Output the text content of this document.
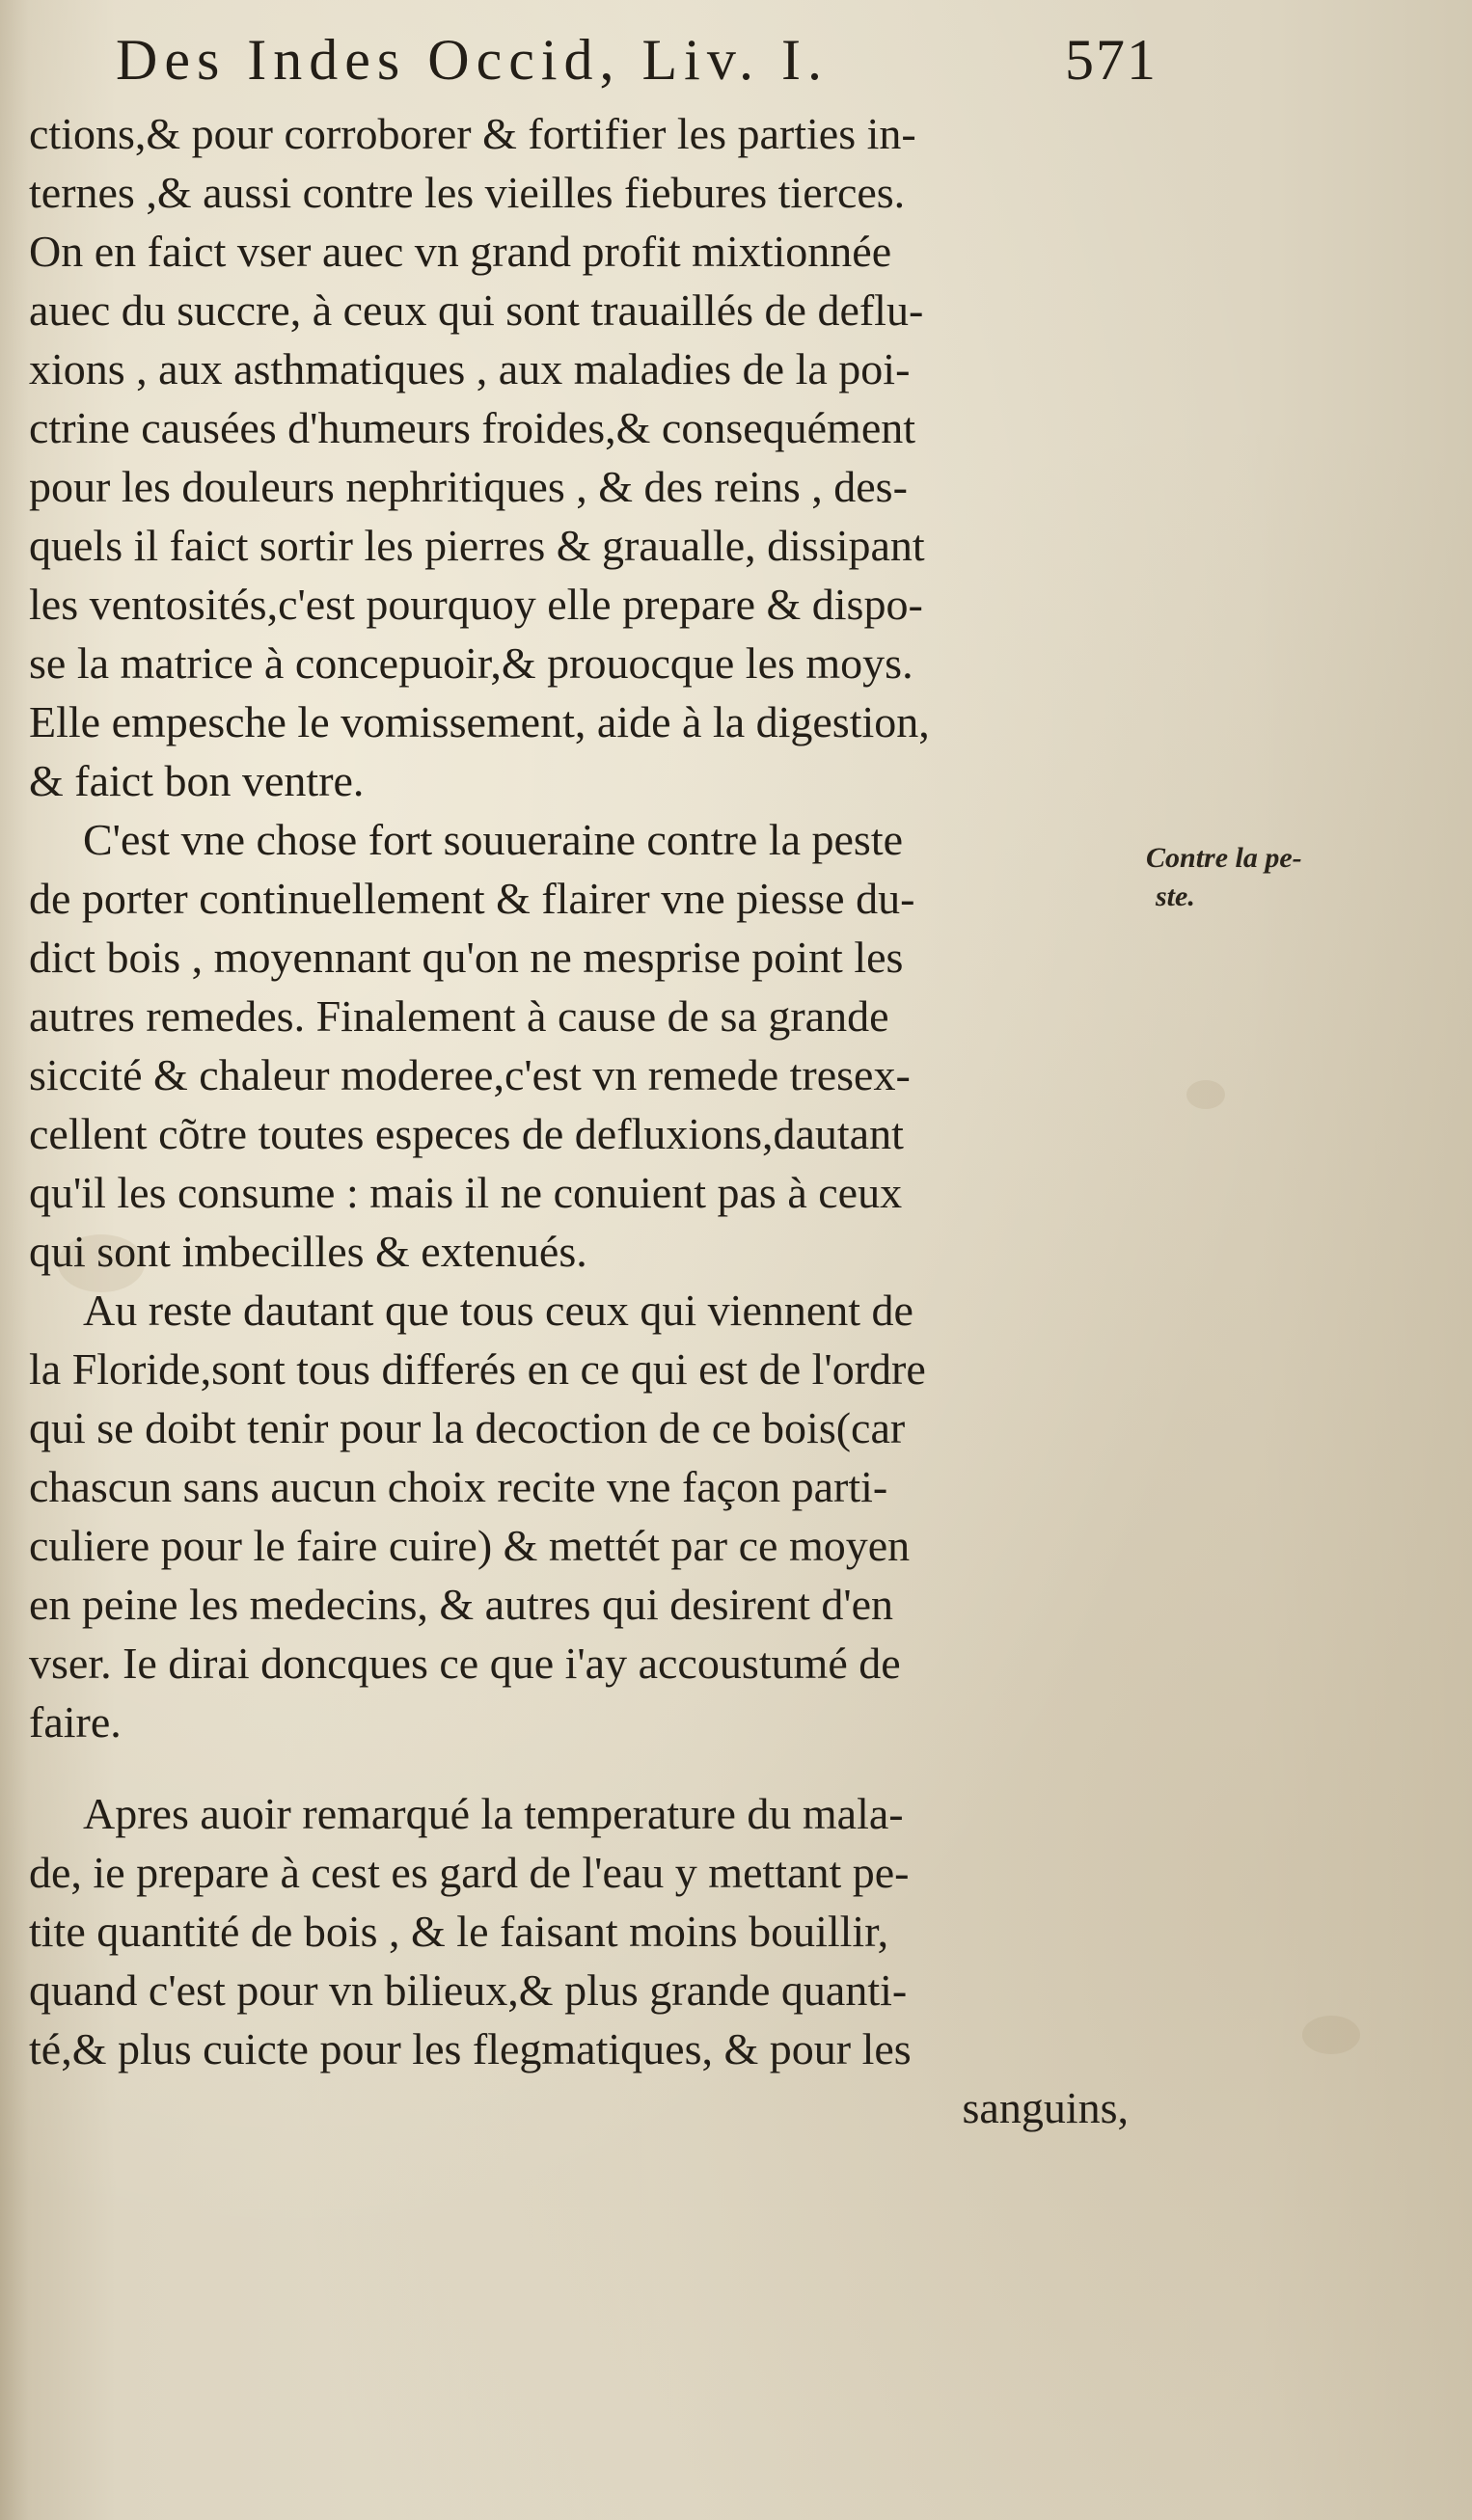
Des Indes Occid, Liv. I.	571
ctions,& pour corroborer & fortifier les parties in-
ternes ,& aussi contre les vieilles fiebures tierces.
On en faict vser auec vn grand profit mixtionnée
auec du succre, à ceux qui sont trauaillés de deflu-
xions , aux asthmatiques , aux maladies de la poi-
ctrine causées d'humeurs froides,& consequément
pour les douleurs nephritiques , & des reins , des-
quels il faict sortir les pierres & graualle, dissipant
les ventosités,c'est pourquoy elle prepare & dispo-
se la matrice à concepuoir,& prouocque les moys.
Elle empesche le vomissement, aide à la digestion,
& faict bon ventre.
C'est vne chose fort souueraine contre la peste
de porter continuellement & flairer vne piesse du-
dict bois , moyennant qu'on ne mesprise point les
autres remedes. Finalement à cause de sa grande
siccité & chaleur moderee,c'est vn remede tresex-
cellent cõtre toutes especes de defluxions,dautant
qu'il les consume : mais il ne conuient pas à ceux
qui sont imbecilles & extenués.
Au reste dautant que tous ceux qui viennent de
la Floride,sont tous differés en ce qui est de l'ordre
qui se doibt tenir pour la decoction de ce bois(car
chascun sans aucun choix recite vne façon parti-
culiere pour le faire cuire) & mettét par ce moyen
en peine les medecins, & autres qui desirent d'en
vser. Ie dirai doncques ce que i'ay accoustumé de
faire.
Apres auoir remarqué la temperature du mala-
de, ie prepare à cest es gard de l'eau y mettant pe-
tite quantité de bois , & le faisant moins bouillir,
quand c'est pour vn bilieux,& plus grande quanti-
té,& plus cuicte pour les flegmatiques, & pour les
sanguins,
Contre la pe-
ste.
